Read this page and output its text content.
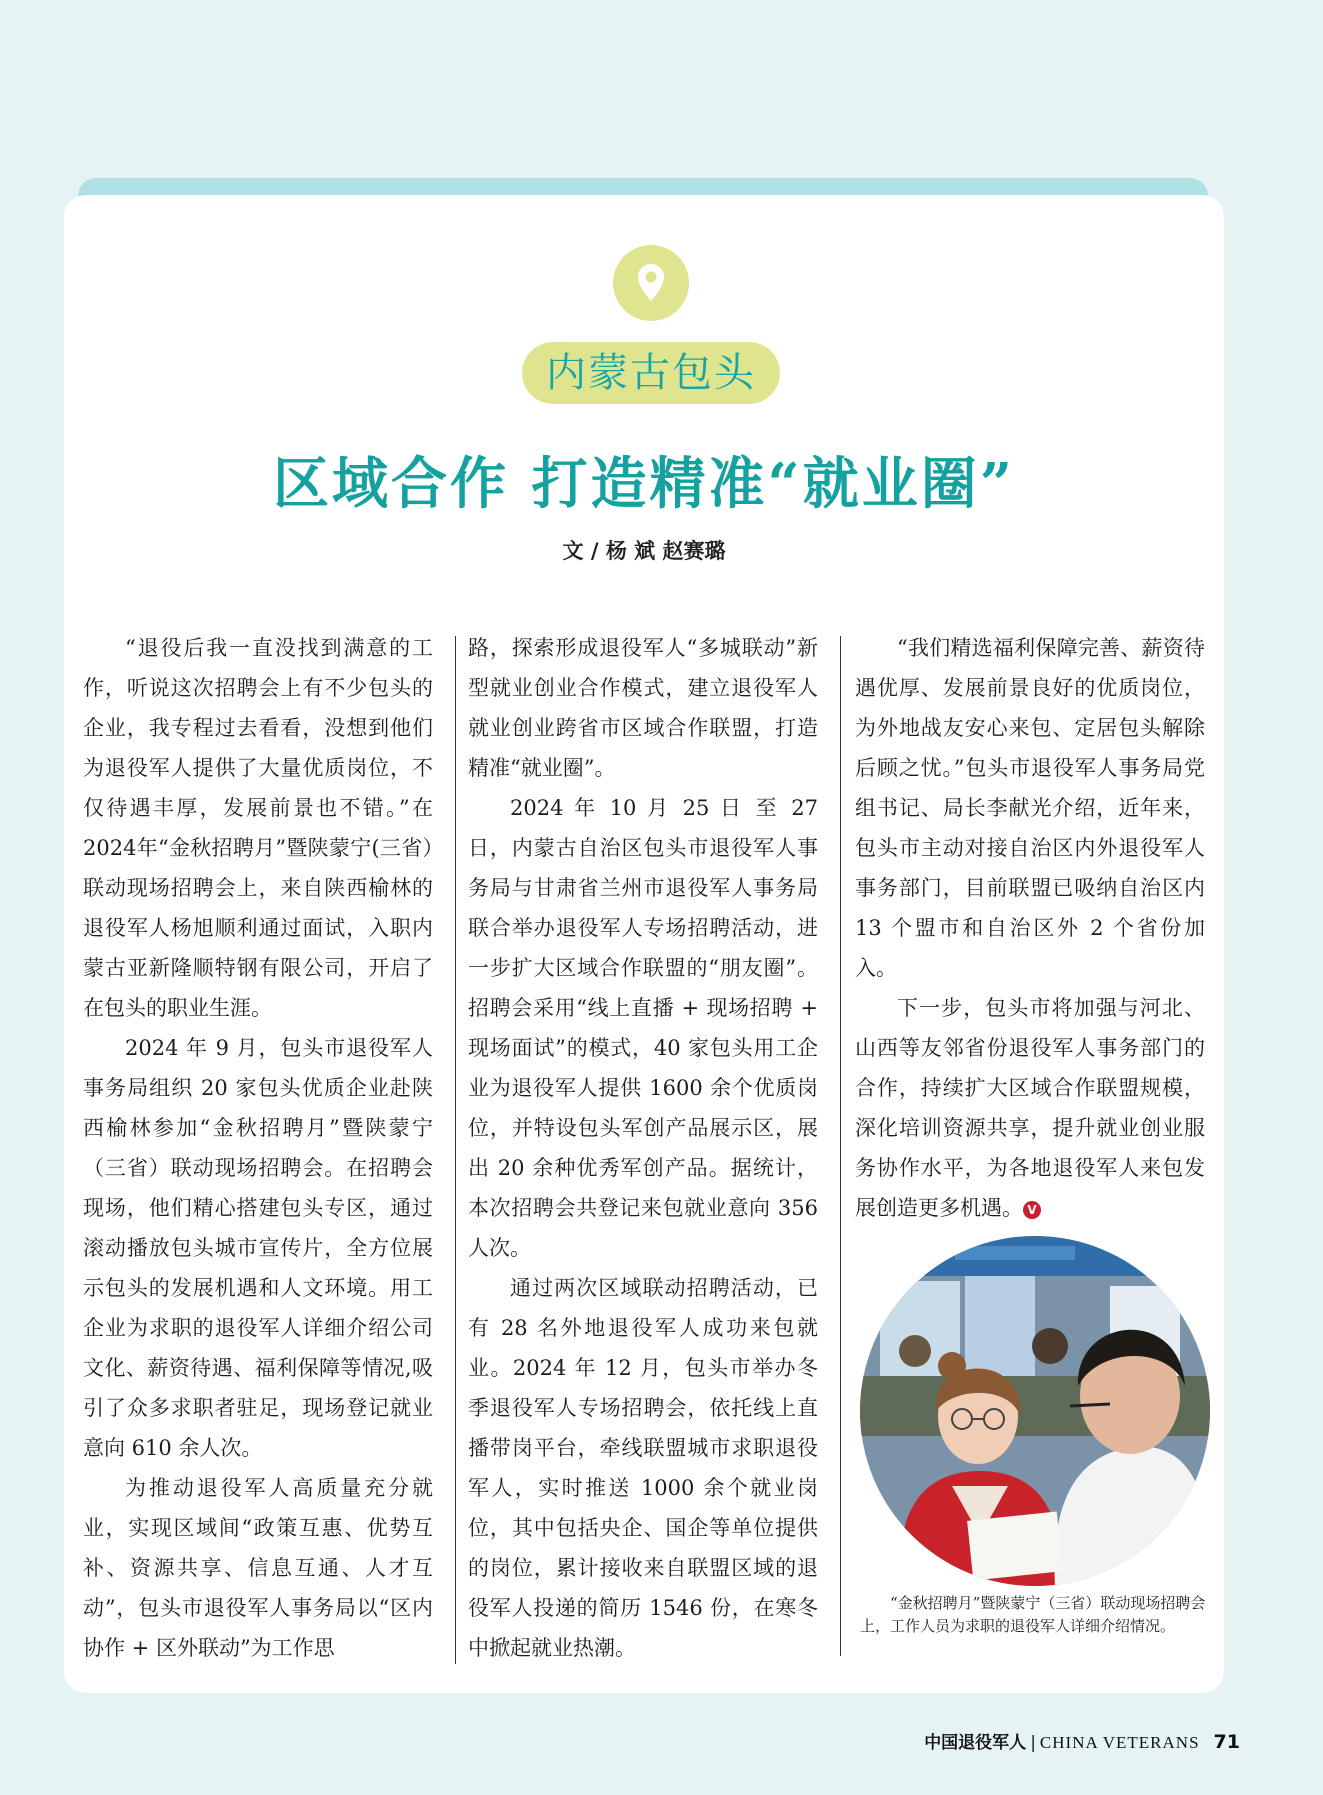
内蒙古包头
区域合作 打造精准“就业圈”
文 / 杨 斌 赵赛璐

“退役后我一直没找到满意的工作，听说这次招聘会上有不少包头的企业，我专程过去看看，没想到他们为退役军人提供了大量优质岗位，不仅待遇丰厚，发展前景也不错。”在2024年“金秋招聘月”暨陕蒙宁(三省）联动现场招聘会上，来自陕西榆林的退役军人杨旭顺利通过面试，入职内蒙古亚新隆顺特钢有限公司，开启了在包头的职业生涯。

2024 年 9 月，包头市退役军人事务局组织 20 家包头优质企业赴陕西榆林参加“金秋招聘月”暨陕蒙宁（三省）联动现场招聘会。在招聘会现场，他们精心搭建包头专区，通过滚动播放包头城市宣传片，全方位展示包头的发展机遇和人文环境。用工企业为求职的退役军人详细介绍公司文化、薪资待遇、福利保障等情况,吸引了众多求职者驻足，现场登记就业意向 610 余人次。

为推动退役军人高质量充分就业，实现区域间“政策互惠、优势互补、资源共享、信息互通、人才互动”，包头市退役军人事务局以“区内协作 + 区外联动”为工作思

路，探索形成退役军人“多城联动”新型就业创业合作模式，建立退役军人就业创业跨省市区域合作联盟，打造精准“就业圈”。

2024 年 10 月 25 日 至 27 日，内蒙古自治区包头市退役军人事务局与甘肃省兰州市退役军人事务局联合举办退役军人专场招聘活动，进一步扩大区域合作联盟的“朋友圈”。招聘会采用“线上直播 + 现场招聘 + 现场面试”的模式，40 家包头用工企业为退役军人提供 1600 余个优质岗位，并特设包头军创产品展示区，展出 20 余种优秀军创产品。据统计，本次招聘会共登记来包就业意向 356 人次。

通过两次区域联动招聘活动，已有 28 名外地退役军人成功来包就业。2024 年 12 月，包头市举办冬季退役军人专场招聘会，依托线上直播带岗平台，牵线联盟城市求职退役军人，实时推送 1000 余个就业岗位，其中包括央企、国企等单位提供的岗位，累计接收来自联盟区域的退役军人投递的简历 1546 份，在寒冬中掀起就业热潮。

“我们精选福利保障完善、薪资待遇优厚、发展前景良好的优质岗位，为外地战友安心来包、定居包头解除后顾之忧。”包头市退役军人事务局党组书记、局长李献光介绍，近年来，包头市主动对接自治区内外退役军人事务部门，目前联盟已吸纳自治区内 13 个盟市和自治区外 2 个省份加入。

下一步，包头市将加强与河北、山西等友邻省份退役军人事务部门的合作，持续扩大区域合作联盟规模，深化培训资源共享，提升就业创业服务协作水平，为各地退役军人来包发展创造更多机遇。 V

“金秋招聘月”暨陕蒙宁（三省）联动现场招聘会上，工作人员为求职的退役军人详细介绍情况。
中国退役军人 | CHINA VETERANS 71
